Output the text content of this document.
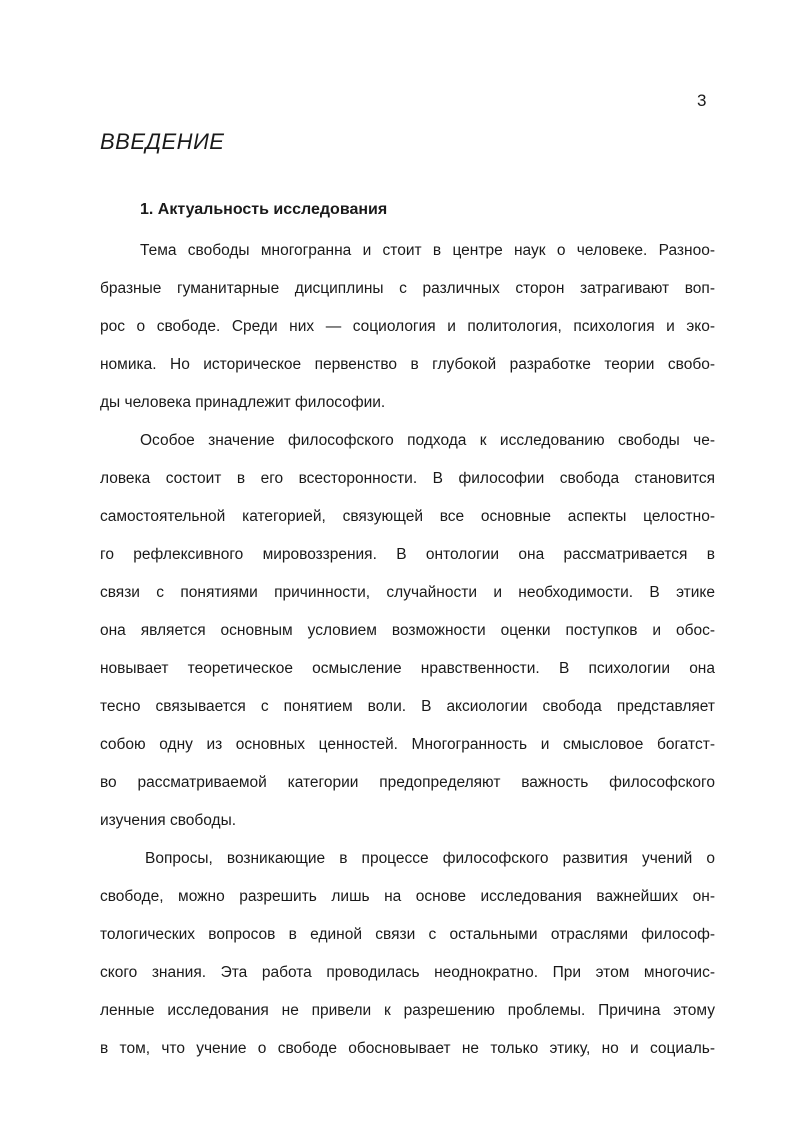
3
ВВЕДЕНИЕ
1. Актуальность исследования

Тема свободы многогранна и стоит в центре наук о человеке. Разноо-
бразные гуманитарные дисциплины с различных сторон затрагивают воп-
рос о свободе. Среди них — социология и политология, психология и эко-
номика. Но историческое первенство в глубокой разработке теории свобо-
ды человека принадлежит философии.

Особое значение философского подхода к исследованию свободы че-
ловека состоит в его всесторонности. В философии свобода становится
самостоятельной категорией, связующей все основные аспекты целостно-
го рефлексивного мировоззрения. В онтологии она рассматривается в
связи с понятиями причинности, случайности и необходимости. В этике
она является основным условием возможности оценки поступков и обос-
новывает теоретическое осмысление нравственности. В психологии она
тесно связывается с понятием воли. В аксиологии свобода представляет
собою одну из основных ценностей. Многогранность и смысловое богатст-
во рассматриваемой категории предопределяют важность философского
изучения свободы.

Вопросы, возникающие в процессе философского развития учений о
свободе, можно разрешить лишь на основе исследования важнейших он-
тологических вопросов в единой связи с остальными отраслями философ-
ского знания. Эта работа проводилась неоднократно. При этом многочис-
ленные исследования не привели к разрешению проблемы. Причина этому
в том, что учение о свободе обосновывает не только этику, но и социаль-
